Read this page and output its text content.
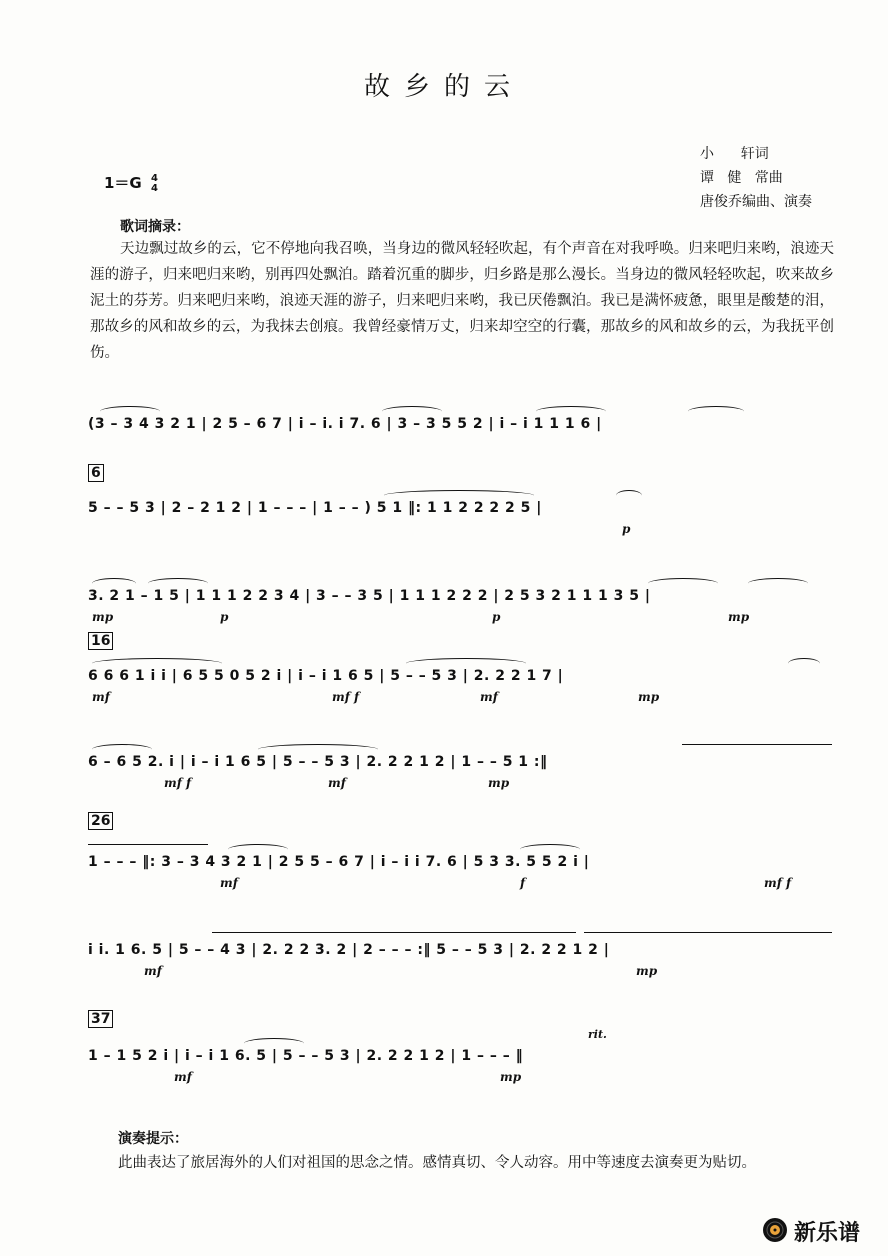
故乡的云
小      轩词
谭   健   常曲
唐俊乔编曲、演奏
1＝G 4
4
歌词摘录：
天边飘过故乡的云，它不停地向我召唤，当身边的微风轻轻吹起，有个声音在对我呼唤。归来吧归来哟，浪迹天涯的游子，归来吧归来哟，别再四处飘泊。踏着沉重的脚步，归乡路是那么漫长。当身边的微风轻轻吹起，吹来故乡泥土的芬芳。归来吧归来哟，浪迹天涯的游子，归来吧归来哟，我已厌倦飘泊。我已是满怀疲惫，眼里是酸楚的泪，那故乡的风和故乡的云，为我抹去创痕。我曾经豪情万丈，归来却空空的行囊，那故乡的风和故乡的云，为我抚平创伤。
6
16
26
37
(3 – 3 4 3 2 1 | 2 5 – 6 7 | i – i. i 7. 6 | 3 – 3 5 5 2 | i – i 1 1 1 6 |
5 – – 5 3 | 2 – 2 1 2 | 1 – – – | 1 – – ) 5 1 ‖: 1 1 2 2 2 2 5 |
p
3. 2 1 – 1 5 | 1 1 1 2 2 3 4 | 3 – – 3 5 | 1 1 1 2 2 2 | 2 5 3 2 1 1 1 3 5 |
mp	p	p	mp
6 6 6 1 i i | 6 5 5 0 5 2 i | i – i 1 6 5 | 5 – – 5 3 | 2. 2 2 1 7 |
mf	mf f	mf	mp
6 – 6 5 2. i | i – i 1 6 5 | 5 – – 5 3 | 2. 2 2 1 2 | 1 – – 5 1 :‖
mf f	mf	mp
1 – – – ‖: 3 – 3 4 3 2 1 | 2 5 5 – 6 7 | i – i i 7. 6 | 5 3 3. 5 5 2 i |
mf	f	mf f
i i. 1 6. 5 | 5 – – 4 3 | 2. 2 2 3. 2 | 2 – – – :‖ 5 – – 5 3 | 2. 2 2 1 2 |
mf	mp
1 – 1 5 2 i | i – i 1 6. 5 | 5 – – 5 3 | 2. 2 2 1 2 | 1 – – – ‖
mf	mp
rit.
演奏提示：
此曲表达了旅居海外的人们对祖国的思念之情。感情真切、令人动容。用中等速度去演奏更为贴切。
新乐谱
